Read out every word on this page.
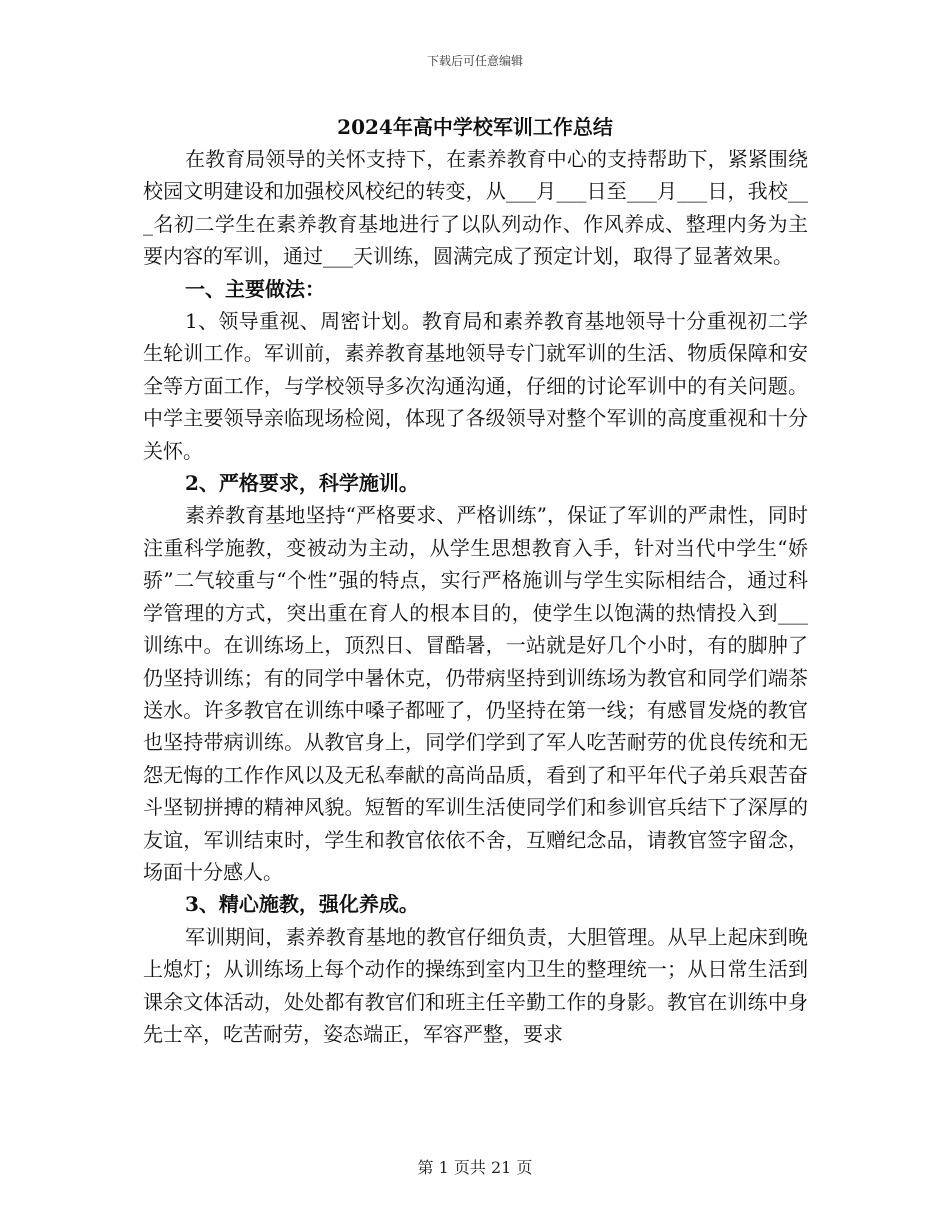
下载后可任意编辑
2024年高中学校军训工作总结

在教育局领导的关怀支持下，在素养教育中心的支持帮助下，紧紧围绕校园文明建设和加强校风校纪的转变，从___月___日至___月___日，我校___名初二学生在素养教育基地进行了以队列动作、作风养成、整理内务为主要内容的军训，通过___天训练，圆满完成了预定计划，取得了显著效果。

一、主要做法：

1、领导重视、周密计划。教育局和素养教育基地领导十分重视初二学生轮训工作。军训前，素养教育基地领导专门就军训的生活、物质保障和安全等方面工作，与学校领导多次沟通沟通，仔细的讨论军训中的有关问题。中学主要领导亲临现场检阅，体现了各级领导对整个军训的高度重视和十分关怀。

2、严格要求，科学施训。

素养教育基地坚持“严格要求、严格训练”，保证了军训的严肃性，同时注重科学施教，变被动为主动，从学生思想教育入手，针对当代中学生“娇骄”二气较重与“个性”强的特点，实行严格施训与学生实际相结合，通过科学管理的方式，突出重在育人的根本目的，使学生以饱满的热情投入到___训练中。在训练场上，顶烈日、冒酷暑，一站就是好几个小时，有的脚肿了仍坚持训练；有的同学中暑休克，仍带病坚持到训练场为教官和同学们端茶送水。许多教官在训练中嗓子都哑了，仍坚持在第一线；有感冒发烧的教官也坚持带病训练。从教官身上，同学们学到了军人吃苦耐劳的优良传统和无怨无悔的工作作风以及无私奉献的高尚品质，看到了和平年代子弟兵艰苦奋斗坚韧拼搏的精神风貌。短暂的军训生活使同学们和参训官兵结下了深厚的友谊，军训结束时，学生和教官依依不舍，互赠纪念品，请教官签字留念，场面十分感人。

3、精心施教，强化养成。

军训期间，素养教育基地的教官仔细负责，大胆管理。从早上起床到晚上熄灯；从训练场上每个动作的操练到室内卫生的整理统一；从日常生活到课余文体活动，处处都有教官们和班主任辛勤工作的身影。教官在训练中身先士卒，吃苦耐劳，姿态端正，军容严整，要求

第 1 页共 21 页
